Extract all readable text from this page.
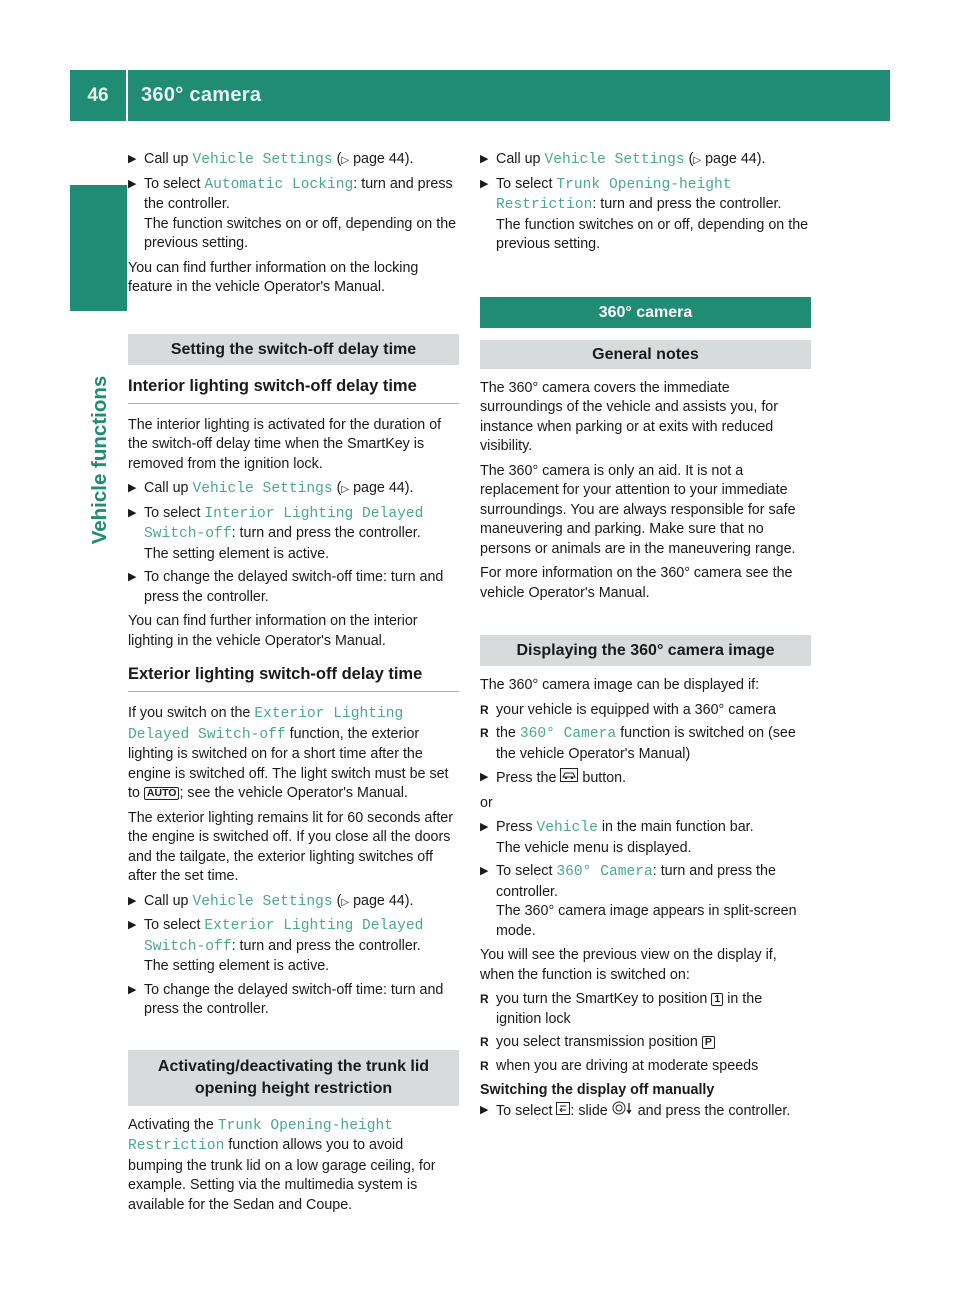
46	360° camera
Vehicle functions
▶ Call up Vehicle Settings (▷ page 44).
▶ To select Automatic Locking: turn and press the controller.
The function switches on or off, depending on the previous setting.

You can find further information on the locking feature in the vehicle Operator's Manual.

Setting the switch-off delay time
Interior lighting switch-off delay time

The interior lighting is activated for the duration of the switch-off delay time when the SmartKey is removed from the ignition lock.

▶ Call up Vehicle Settings (▷ page 44).
▶ To select Interior Lighting Delayed Switch-off: turn and press the controller.
The setting element is active.
▶ To change the delayed switch-off time: turn and press the controller.

You can find further information on the interior lighting in the vehicle Operator's Manual.

Exterior lighting switch-off delay time

If you switch on the Exterior Lighting Delayed Switch-off function, the exterior lighting is switched on for a short time after the engine is switched off. The light switch must be set to AUTO ; see the vehicle Operator's Manual.

The exterior lighting remains lit for 60 seconds after the engine is switched off. If you close all the doors and the tailgate, the exterior lighting switches off after the set time.

▶ Call up Vehicle Settings (▷ page 44).
▶ To select Exterior Lighting Delayed Switch-off: turn and press the controller.
The setting element is active.
▶ To change the delayed switch-off time: turn and press the controller.
Activating/deactivating the trunk lid opening height restriction

Activating the Trunk Opening-height Restriction function allows you to avoid bumping the trunk lid on a low garage ceiling, for example. Setting via the multimedia system is available for the Sedan and Coupe.

▶ Call up Vehicle Settings (▷ page 44).
▶ To select Trunk Opening-height Restriction: turn and press the controller.
The function switches on or off, depending on the previous setting.
360° camera
General notes

The 360° camera covers the immediate surroundings of the vehicle and assists you, for instance when parking or at exits with reduced visibility.

The 360° camera is only an aid. It is not a replacement for your attention to your immediate surroundings. You are always responsible for safe maneuvering and parking. Make sure that no persons or animals are in the maneuvering range.

For more information on the 360° camera see the vehicle Operator's Manual.

Displaying the 360° camera image

The 360° camera image can be displayed if:

R your vehicle is equipped with a 360° camera
R the 360° Camera function is switched on (see the vehicle Operator's Manual)
▶ Press the button.

or

▶ Press Vehicle in the main function bar.
The vehicle menu is displayed.
▶ To select 360° Camera: turn and press the controller.
The 360° camera image appears in split-screen mode.

You will see the previous view on the display if, when the function is switched on:

R you turn the SmartKey to position 1 in the ignition lock
R you select transmission position P
R when you are driving at moderate speeds

Switching the display off manually

▶ To select : slide and press the controller.
